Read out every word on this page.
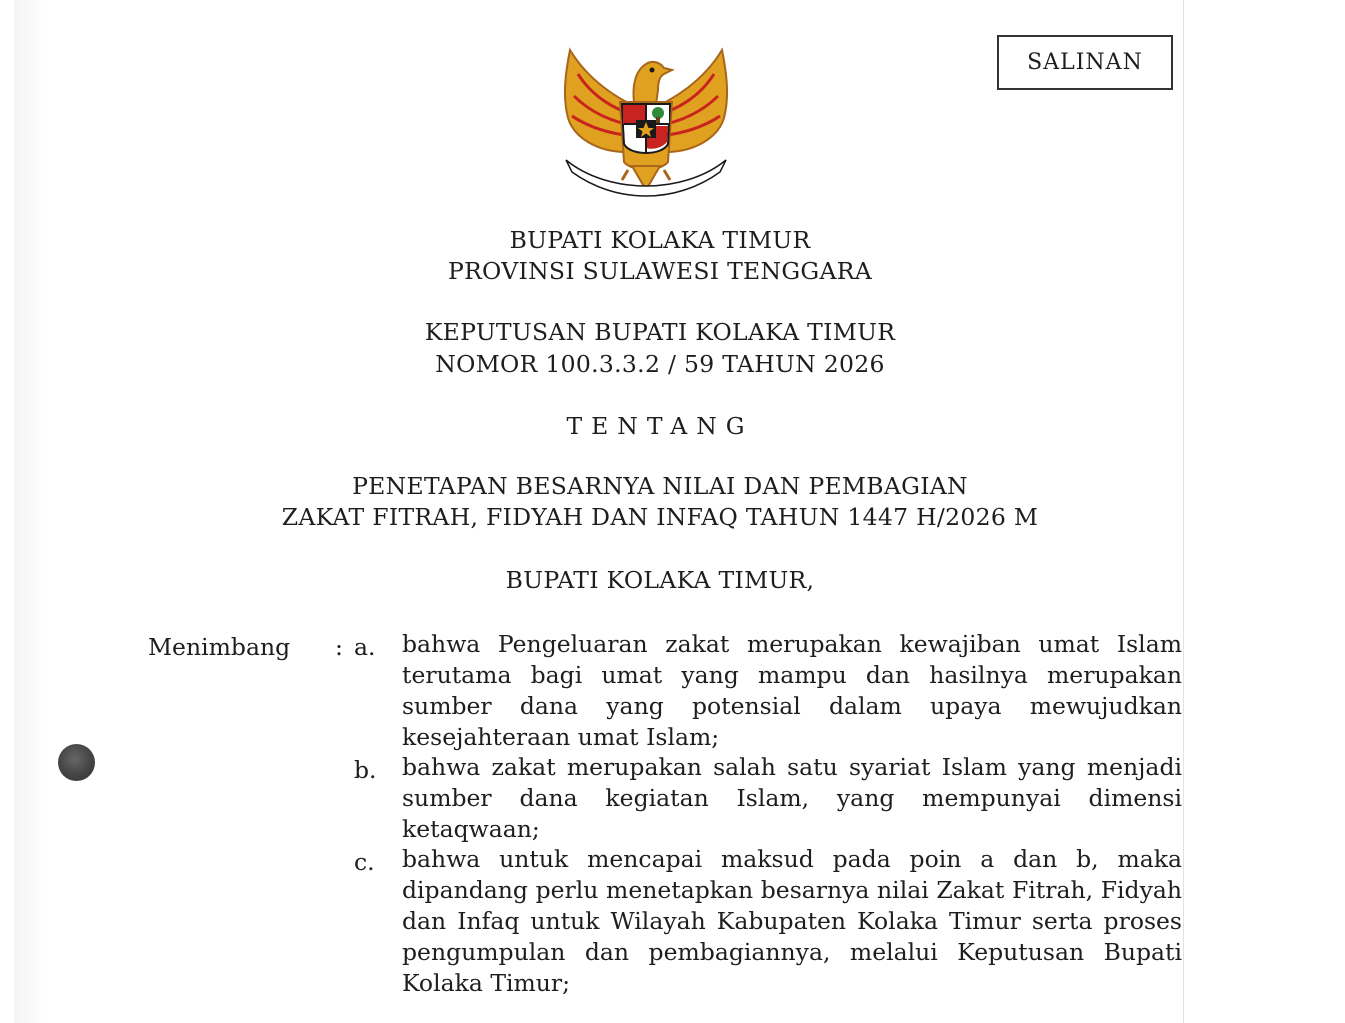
SALINAN
BUPATI KOLAKA TIMUR
PROVINSI SULAWESI TENGGARA
KEPUTUSAN BUPATI KOLAKA TIMUR
NOMOR 100.3.3.2 / 59 TAHUN 2026
TENTANG
PENETAPAN BESARNYA NILAI DAN PEMBAGIAN
ZAKAT FITRAH, FIDYAH DAN INFAQ TAHUN 1447 H/2026 M
BUPATI KOLAKA TIMUR,
Menimbang : a. bahwa Pengeluaran zakat merupakan kewajiban umat Islam terutama bagi umat yang mampu dan hasilnya merupakan sumber dana yang potensial dalam upaya mewujudkan kesejahteraan umat Islam;
b. bahwa zakat merupakan salah satu syariat Islam yang menjadi sumber dana kegiatan Islam, yang mempunyai dimensi ketaqwaan;
c. bahwa untuk mencapai maksud pada poin a dan b, maka dipandang perlu menetapkan besarnya nilai Zakat Fitrah, Fidyah dan Infaq untuk Wilayah Kabupaten Kolaka Timur serta proses pengumpulan dan pembagiannya, melalui Keputusan Bupati Kolaka Timur;
